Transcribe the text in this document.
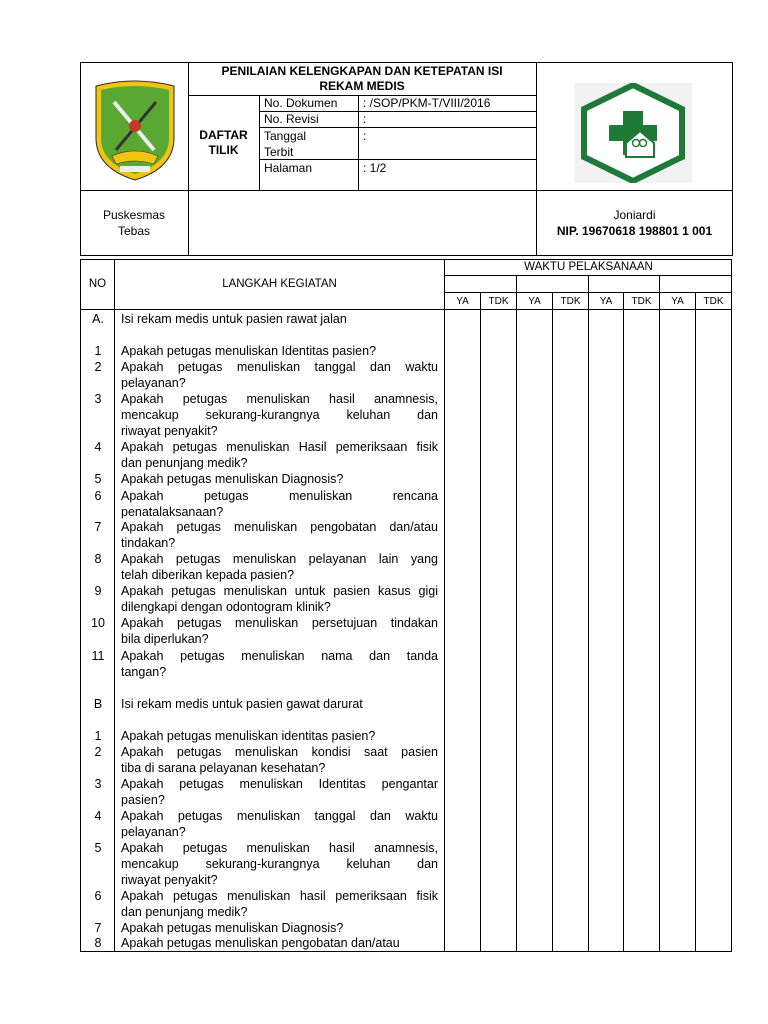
PENILAIAN KELENGKAPAN DAN KETEPATAN ISI
REKAM MEDIS
DAFTAR
TILIK
No. Dokumen : /SOP/PKM-T/VIII/2016
No. Revisi	:
Tanggal
Terbit
:
Halaman	: 1/2
Puskesmas
Tebas
Joniardi
NIP. 19670618 198801 1 001
NO	LANGKAH KEGIATAN
WAKTU PELAKSANAAN
YA	TDK	YA	TDK	YA	TDK	YA	TDK
A.	Isi rekam medis untuk pasien rawat jalan
1	Apakah petugas menuliskan Identitas pasien?
2	Apakah petugas menuliskan tanggal dan waktu
pelayanan?
3	Apakah petugas menuliskan hasil anamnesis,
mencakup sekurang-kurangnya keluhan dan
riwayat penyakit?
4	Apakah petugas menuliskan Hasil pemeriksaan fisik
dan penunjang medik?
5	Apakah petugas menuliskan Diagnosis?
6	Apakah petugas menuliskan rencana
penatalaksanaan?
7	Apakah petugas menuliskan pengobatan dan/atau
tindakan?
8	Apakah petugas menuliskan pelayanan lain yang
telah diberikan kepada pasien?
9	Apakah petugas menuliskan untuk pasien kasus gigi
dilengkapi dengan odontogram klinik?
10	Apakah petugas menuliskan persetujuan tindakan
bila diperlukan?
11	Apakah petugas menuliskan nama dan tanda
tangan?
B	Isi rekam medis untuk pasien gawat darurat
1	Apakah petugas menuliskan identitas pasien?
2	Apakah petugas menuliskan kondisi saat pasien
tiba di sarana pelayanan kesehatan?
3	Apakah petugas menuliskan Identitas pengantar
pasien?
4	Apakah petugas menuliskan tanggal dan waktu
pelayanan?
5	Apakah petugas menuliskan hasil anamnesis,
mencakup sekurang-kurangnya keluhan dan
riwayat penyakit?
6	Apakah petugas menuliskan hasil pemeriksaan fisik
dan penunjang medik?
7	Apakah petugas menuliskan Diagnosis?
8	Apakah petugas menuliskan pengobatan dan/atau
